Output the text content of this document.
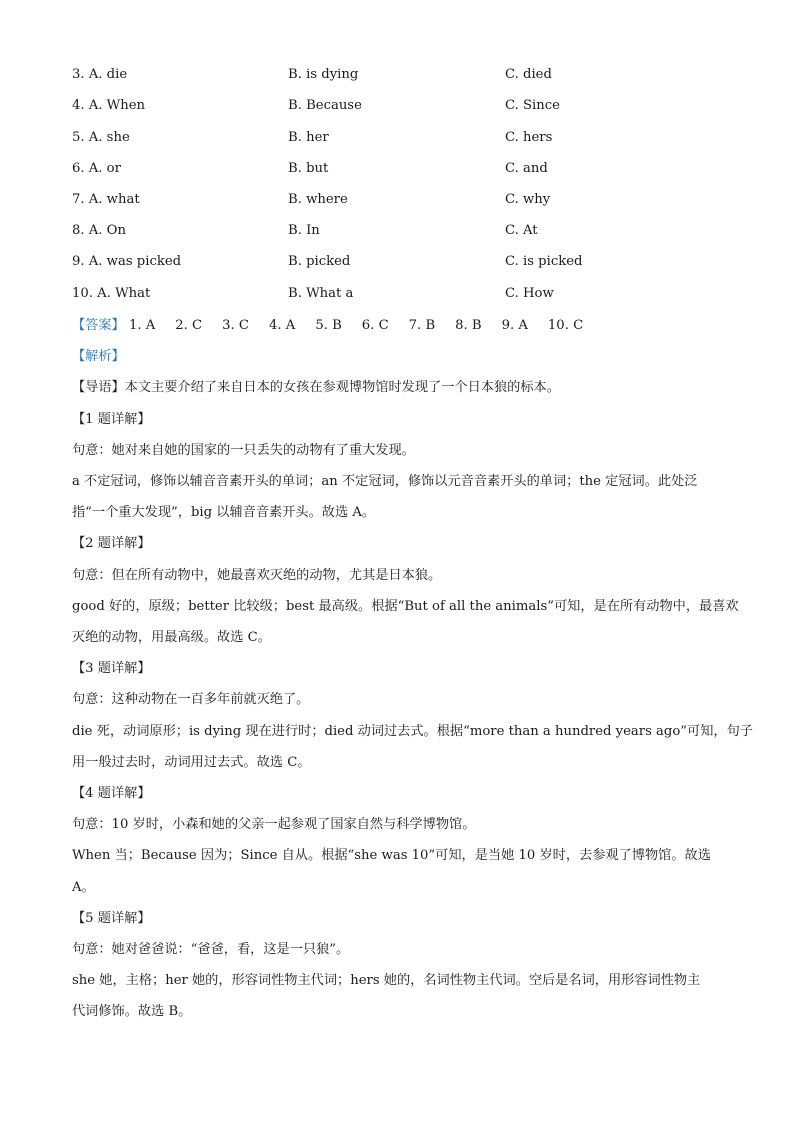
3. A. die	B. is dying	C. died
4. A. When	B. Because	C. Since
5. A. she	B. her	C. hers
6. A. or	B. but	C. and
7. A. what	B. where	C. why
8. A. On	B. In	C. At
9. A. was picked	B. picked	C. is picked
10. A. What	B. What a	C. How
【答案】 1. A 2. C 3. C 4. A 5. B 6. C 7. B 8. B 9. A 10. C
【解析】
【导语】本文主要介绍了来自日本的女孩在参观博物馆时发现了一个日本狼的标本。
【1 题详解】
句意：她对来自她的国家的一只丢失的动物有了重大发现。
a 不定冠词，修饰以辅音音素开头的单词；an 不定冠词，修饰以元音音素开头的单词；the 定冠词。此处泛
指“一个重大发现”，big 以辅音音素开头。故选 A。
【2 题详解】
句意：但在所有动物中，她最喜欢灭绝的动物，尤其是日本狼。
good 好的，原级；better 比较级；best 最高级。根据“But of all the animals”可知，是在所有动物中，最喜欢
灭绝的动物，用最高级。故选 C。
【3 题详解】
句意：这种动物在一百多年前就灭绝了。
die 死，动词原形；is dying 现在进行时；died 动词过去式。根据“more than a hundred years ago”可知，句子
用一般过去时，动词用过去式。故选 C。
【4 题详解】
句意：10 岁时，小森和她的父亲一起参观了国家自然与科学博物馆。
When 当；Because 因为；Since 自从。根据“she was 10”可知，是当她 10 岁时，去参观了博物馆。故选
A。
【5 题详解】
句意：她对爸爸说：“爸爸，看，这是一只狼”。
she 她，主格；her 她的，形容词性物主代词；hers 她的，名词性物主代词。空后是名词，用形容词性物主
代词修饰。故选 B。
